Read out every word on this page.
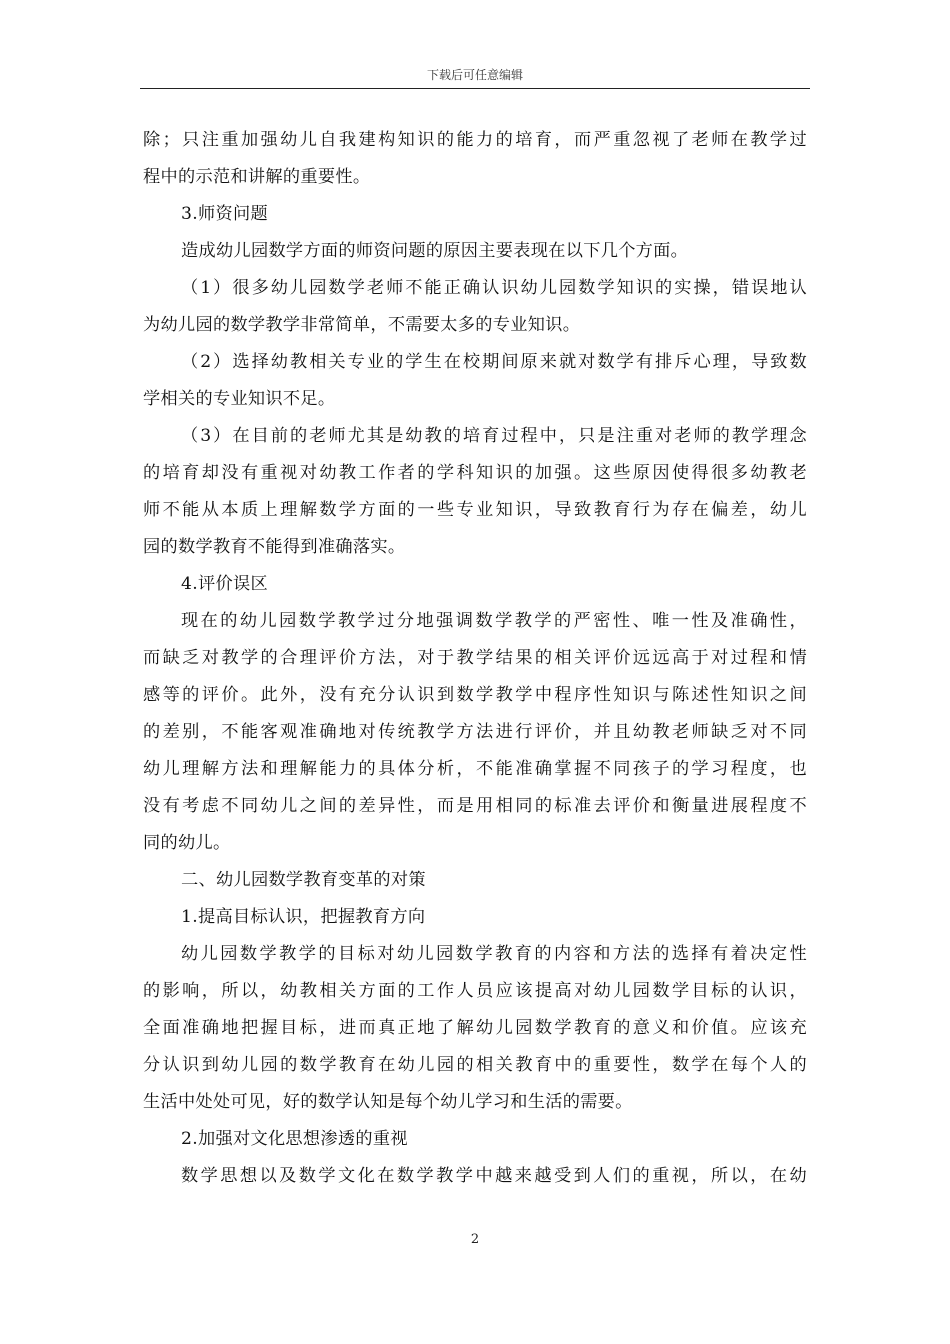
下载后可任意编辑
除；只注重加强幼儿自我建构知识的能力的培育，而严重忽视了老师在教学过
程中的示范和讲解的重要性。
3.师资问题
造成幼儿园数学方面的师资问题的原因主要表现在以下几个方面。
（1）很多幼儿园数学老师不能正确认识幼儿园数学知识的实操，错误地认
为幼儿园的数学教学非常简单，不需要太多的专业知识。
（2）选择幼教相关专业的学生在校期间原来就对数学有排斥心理，导致数
学相关的专业知识不足。
（3）在目前的老师尤其是幼教的培育过程中，只是注重对老师的教学理念
的培育却没有重视对幼教工作者的学科知识的加强。这些原因使得很多幼教老
师不能从本质上理解数学方面的一些专业知识，导致教育行为存在偏差，幼儿
园的数学教育不能得到准确落实。
4.评价误区
现在的幼儿园数学教学过分地强调数学教学的严密性、唯一性及准确性，
而缺乏对教学的合理评价方法，对于教学结果的相关评价远远高于对过程和情
感等的评价。此外，没有充分认识到数学教学中程序性知识与陈述性知识之间
的差别，不能客观准确地对传统教学方法进行评价，并且幼教老师缺乏对不同
幼儿理解方法和理解能力的具体分析，不能准确掌握不同孩子的学习程度，也
没有考虑不同幼儿之间的差异性，而是用相同的标准去评价和衡量进展程度不
同的幼儿。
二、幼儿园数学教育变革的对策
1.提高目标认识，把握教育方向
幼儿园数学教学的目标对幼儿园数学教育的内容和方法的选择有着决定性
的影响，所以，幼教相关方面的工作人员应该提高对幼儿园数学目标的认识，
全面准确地把握目标，进而真正地了解幼儿园数学教育的意义和价值。应该充
分认识到幼儿园的数学教育在幼儿园的相关教育中的重要性，数学在每个人的
生活中处处可见，好的数学认知是每个幼儿学习和生活的需要。
2.加强对文化思想渗透的重视
数学思想以及数学文化在数学教学中越来越受到人们的重视，所以，在幼
2
